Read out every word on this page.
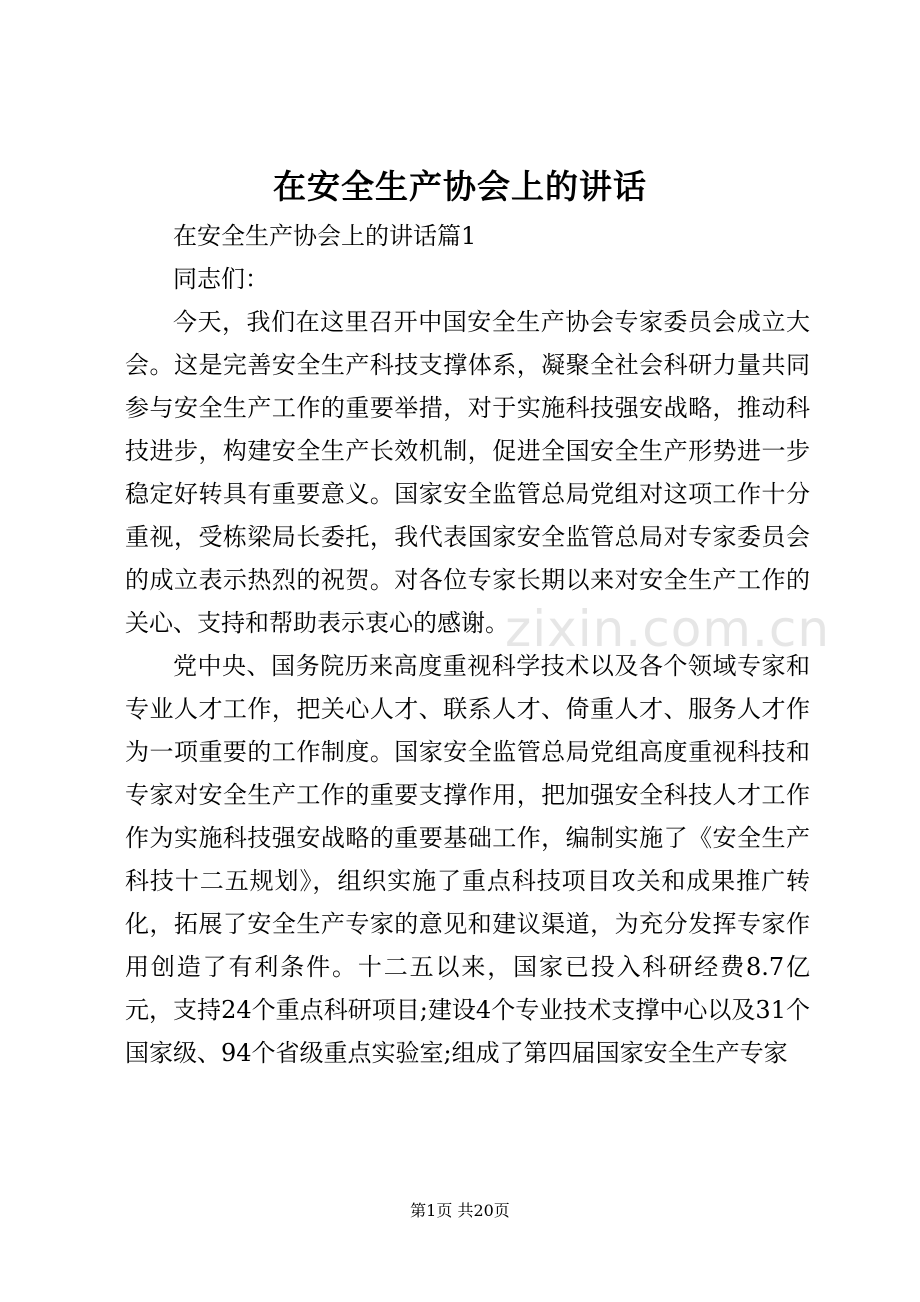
在安全生产协会上的讲话

在安全生产协会上的讲话篇1

同志们：

今天，我们在这里召开中国安全生产协会专家委员会成立大会。这是完善安全生产科技支撑体系，凝聚全社会科研力量共同参与安全生产工作的重要举措，对于实施科技强安战略，推动科技进步，构建安全生产长效机制，促进全国安全生产形势进一步稳定好转具有重要意义。国家安全监管总局党组对这项工作十分重视，受栋梁局长委托，我代表国家安全监管总局对专家委员会的成立表示热烈的祝贺。对各位专家长期以来对安全生产工作的关心、支持和帮助表示衷心的感谢。

党中央、国务院历来高度重视科学技术以及各个领域专家和专业人才工作，把关心人才、联系人才、倚重人才、服务人才作为一项重要的工作制度。国家安全监管总局党组高度重视科技和专家对安全生产工作的重要支撑作用，把加强安全科技人才工作作为实施科技强安战略的重要基础工作，编制实施了《安全生产科技十二五规划》，组织实施了重点科技项目攻关和成果推广转化，拓展了安全生产专家的意见和建议渠道，为充分发挥专家作用创造了有利条件。十二五以来，国家已投入科研经费8.7亿元，支持24个重点科研项目;建设4个专业技术支撑中心以及31个国家级、94个省级重点实验室;组成了第四届国家安全生产专家

zixin.com.cn
第1页 共20页
